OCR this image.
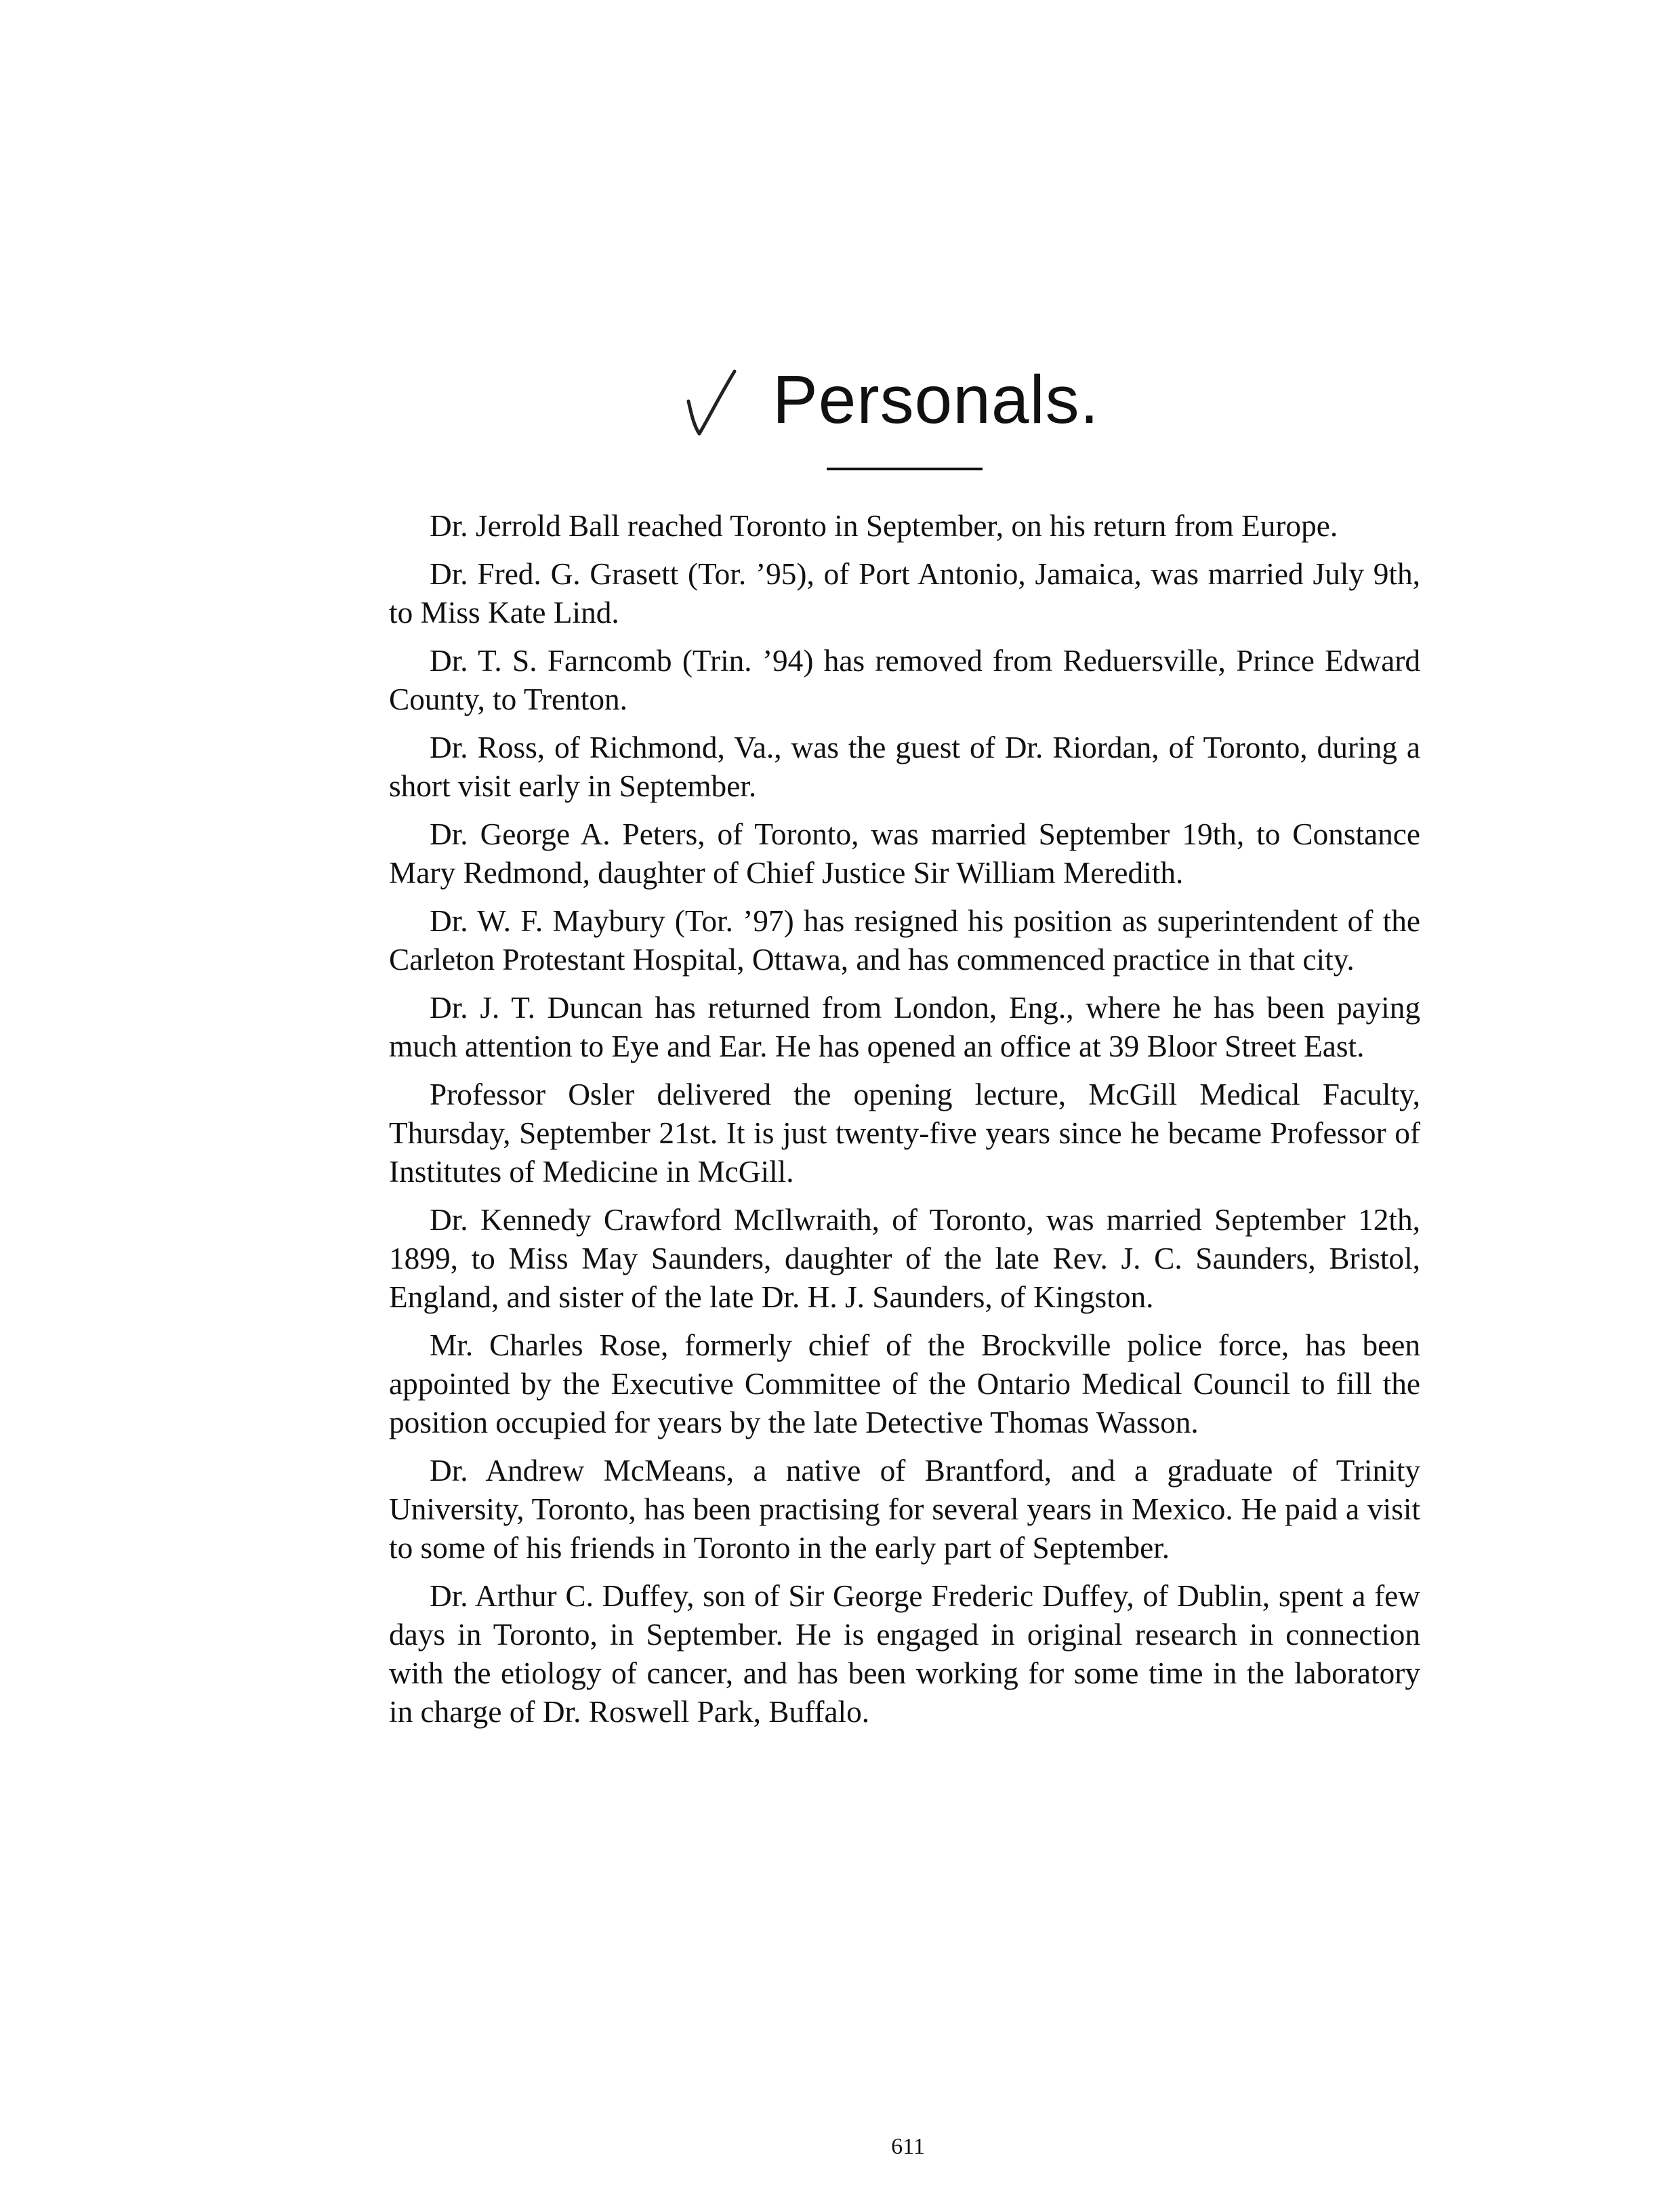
Personals.

Dr. Jerrold Ball reached Toronto in September, on his return from Europe.

Dr. Fred. G. Grasett (Tor. ’95), of Port Antonio, Jamaica, was married July 9th, to Miss Kate Lind.

Dr. T. S. Farncomb (Trin. ’94) has removed from Reduersville, Prince Edward County, to Trenton.

Dr. Ross, of Richmond, Va., was the guest of Dr. Riordan, of Toronto, during a short visit early in September.

Dr. George A. Peters, of Toronto, was married September 19th, to Constance Mary Redmond, daughter of Chief Justice Sir William Meredith.

Dr. W. F. Maybury (Tor. ’97) has resigned his position as superintendent of the Carleton Protestant Hospital, Ottawa, and has commenced practice in that city.

Dr. J. T. Duncan has returned from London, Eng., where he has been paying much attention to Eye and Ear. He has opened an office at 39 Bloor Street East.

Professor Osler delivered the opening lecture, McGill Medical Faculty, Thursday, September 21st. It is just twenty-five years since he became Professor of Institutes of Medicine in McGill.

Dr. Kennedy Crawford McIlwraith, of Toronto, was married September 12th, 1899, to Miss May Saunders, daughter of the late Rev. J. C. Saunders, Bristol, England, and sister of the late Dr. H. J. Saunders, of Kingston.

Mr. Charles Rose, formerly chief of the Brockville police force, has been appointed by the Executive Committee of the Ontario Medical Council to fill the position occupied for years by the late Detective Thomas Wasson.

Dr. Andrew McMeans, a native of Brantford, and a graduate of Trinity University, Toronto, has been practising for several years in Mexico. He paid a visit to some of his friends in Toronto in the early part of September.

Dr. Arthur C. Duffey, son of Sir George Frederic Duffey, of Dublin, spent a few days in Toronto, in September. He is engaged in original research in connection with the etiology of cancer, and has been working for some time in the laboratory in charge of Dr. Roswell Park, Buffalo.

611
